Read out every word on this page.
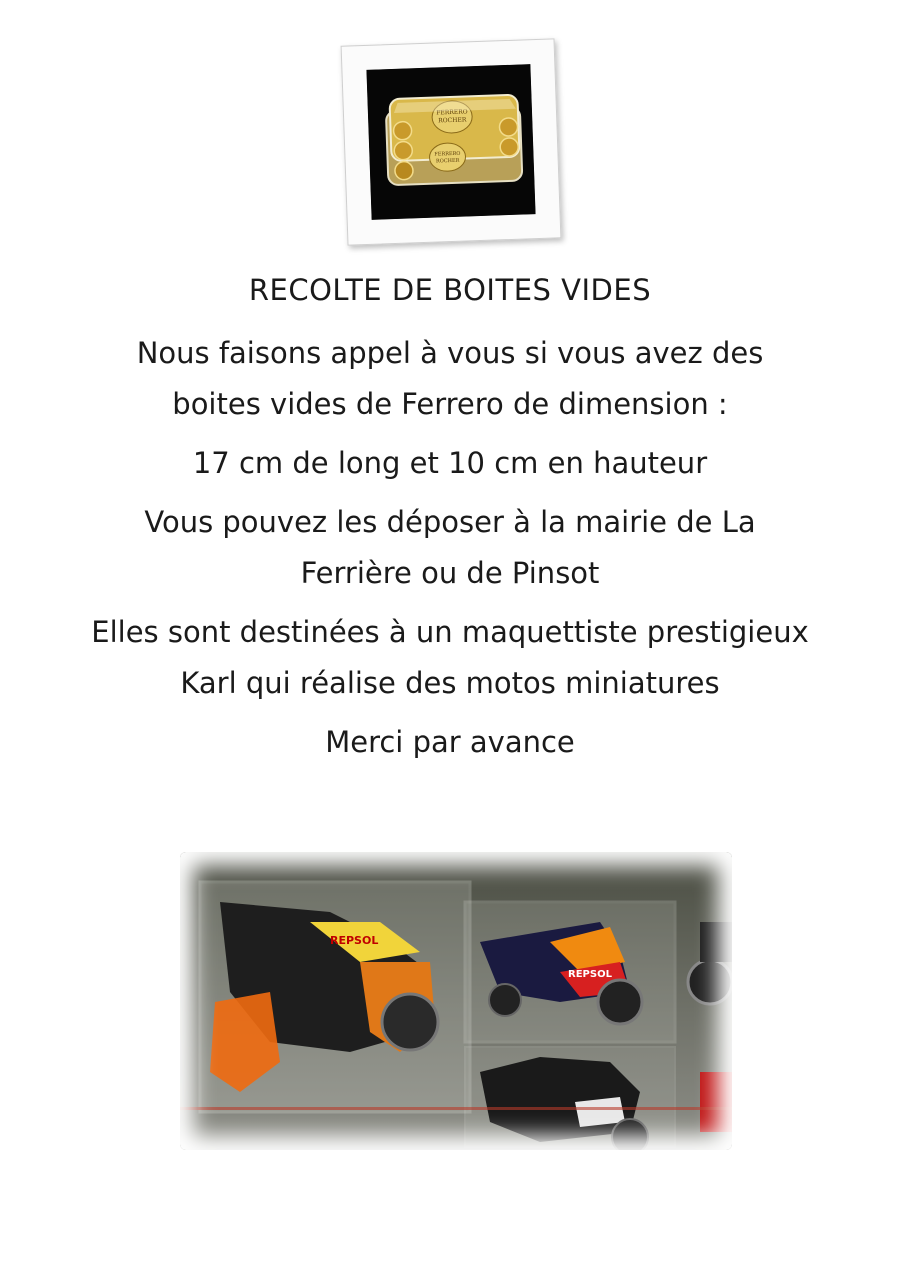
FERRERO
ROCHER
FERRERO
ROCHER
RECOLTE DE BOITES VIDES
Nous faisons appel à vous si vous avez des boites vides de Ferrero de dimension :
17 cm de long et 10 cm en hauteur
Vous pouvez les déposer à la mairie de La Ferrière ou de Pinsot
Elles sont destinées à un maquettiste prestigieux Karl qui réalise des motos miniatures
Merci par avance
REPSOL
REPSOL
